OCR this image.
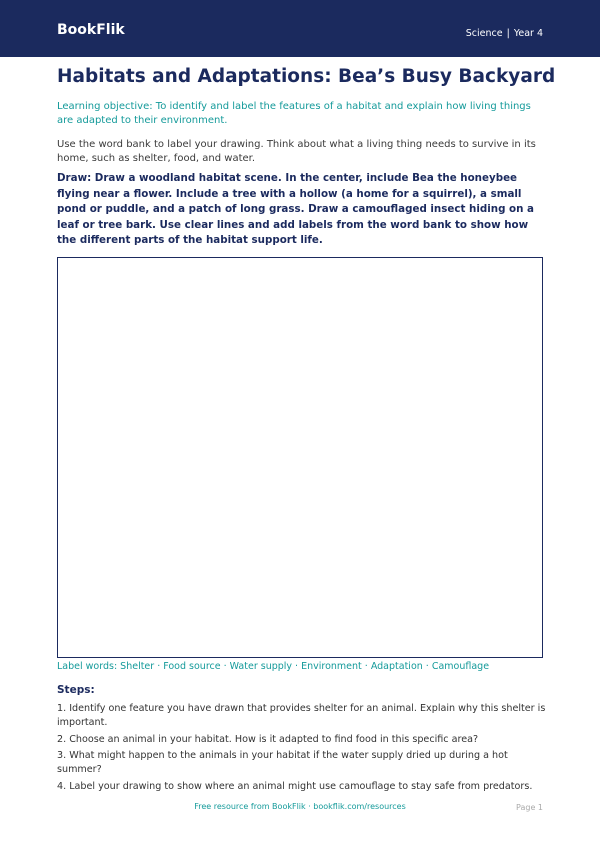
BookFlik	Science | Year 4
Habitats and Adaptations: Bea’s Busy Backyard

Learning objective: To identify and label the features of a habitat and explain how living things are adapted to their environment.

Use the word bank to label your drawing. Think about what a living thing needs to survive in its home, such as shelter, food, and water.

Draw: Draw a woodland habitat scene. In the center, include Bea the honeybee flying near a flower. Include a tree with a hollow (a home for a squirrel), a small pond or puddle, and a patch of long grass. Draw a camouflaged insect hiding on a leaf or tree bark. Use clear lines and add labels from the word bank to show how the different parts of the habitat support life.

Label words: Shelter · Food source · Water supply · Environment · Adaptation · Camouflage
Steps:
1. Identify one feature you have drawn that provides shelter for an animal. Explain why this shelter is important.
2. Choose an animal in your habitat. How is it adapted to find food in this specific area?
3. What might happen to the animals in your habitat if the water supply dried up during a hot summer?
4. Label your drawing to show where an animal might use camouflage to stay safe from predators.
Free resource from BookFlik · bookflik.com/resources	Page 1
